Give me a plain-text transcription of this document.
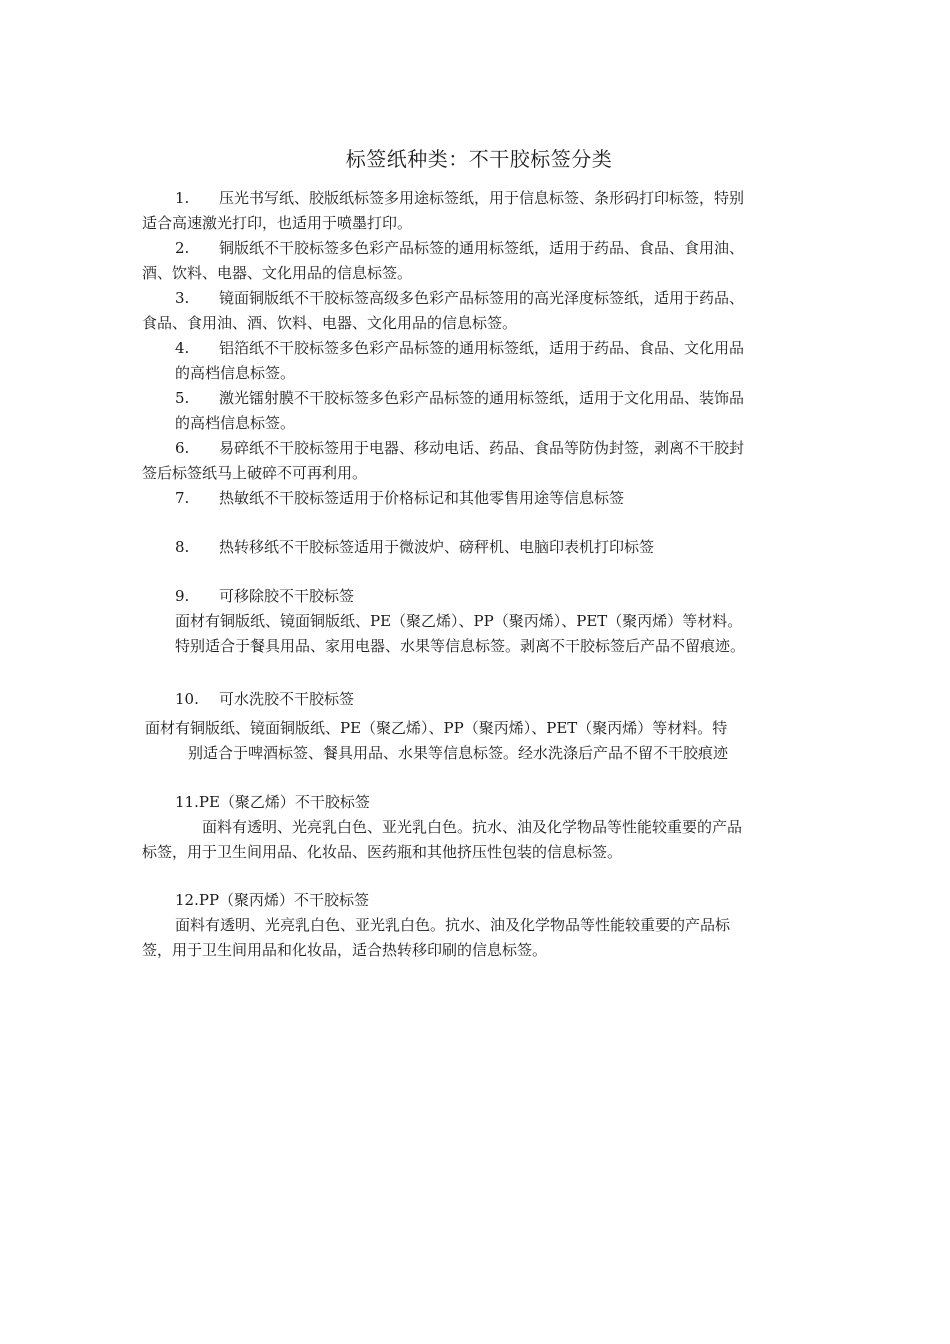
标签纸种类：不干胶标签分类
1. 压光书写纸、胶版纸标签多用途标签纸，用于信息标签、条形码打印标签，特别
适合高速激光打印，也适用于喷墨打印。
2. 铜版纸不干胶标签多色彩产品标签的通用标签纸，适用于药品、食品、食用油、
酒、饮料、电器、文化用品的信息标签。
3. 镜面铜版纸不干胶标签高级多色彩产品标签用的高光泽度标签纸，适用于药品、
食品、食用油、酒、饮料、电器、文化用品的信息标签。
4. 铝箔纸不干胶标签多色彩产品标签的通用标签纸，适用于药品、食品、文化用品
的高档信息标签。
5. 激光镭射膜不干胶标签多色彩产品标签的通用标签纸，适用于文化用品、装饰品
的高档信息标签。
6. 易碎纸不干胶标签用于电器、移动电话、药品、食品等防伪封签，剥离不干胶封
签后标签纸马上破碎不可再利用。
7. 热敏纸不干胶标签适用于价格标记和其他零售用途等信息标签
8. 热转移纸不干胶标签适用于微波炉、磅秤机、电脑印表机打印标签
9. 可移除胶不干胶标签
面材有铜版纸、镜面铜版纸、PE（聚乙烯）、PP（聚丙烯）、PET（聚丙烯）等材料。
特别适合于餐具用品、家用电器、水果等信息标签。剥离不干胶标签后产品不留痕迹。
10. 可水洗胶不干胶标签
面材有铜版纸、镜面铜版纸、PE（聚乙烯）、PP（聚丙烯）、PET（聚丙烯）等材料。特
别适合于啤酒标签、餐具用品、水果等信息标签。经水洗涤后产品不留不干胶痕迹
11.PE（聚乙烯）不干胶标签
面料有透明、光亮乳白色、亚光乳白色。抗水、油及化学物品等性能较重要的产品
标签，用于卫生间用品、化妆品、医药瓶和其他挤压性包装的信息标签。
12.PP（聚丙烯）不干胶标签
面料有透明、光亮乳白色、亚光乳白色。抗水、油及化学物品等性能较重要的产品标
签，用于卫生间用品和化妆品，适合热转移印刷的信息标签。
